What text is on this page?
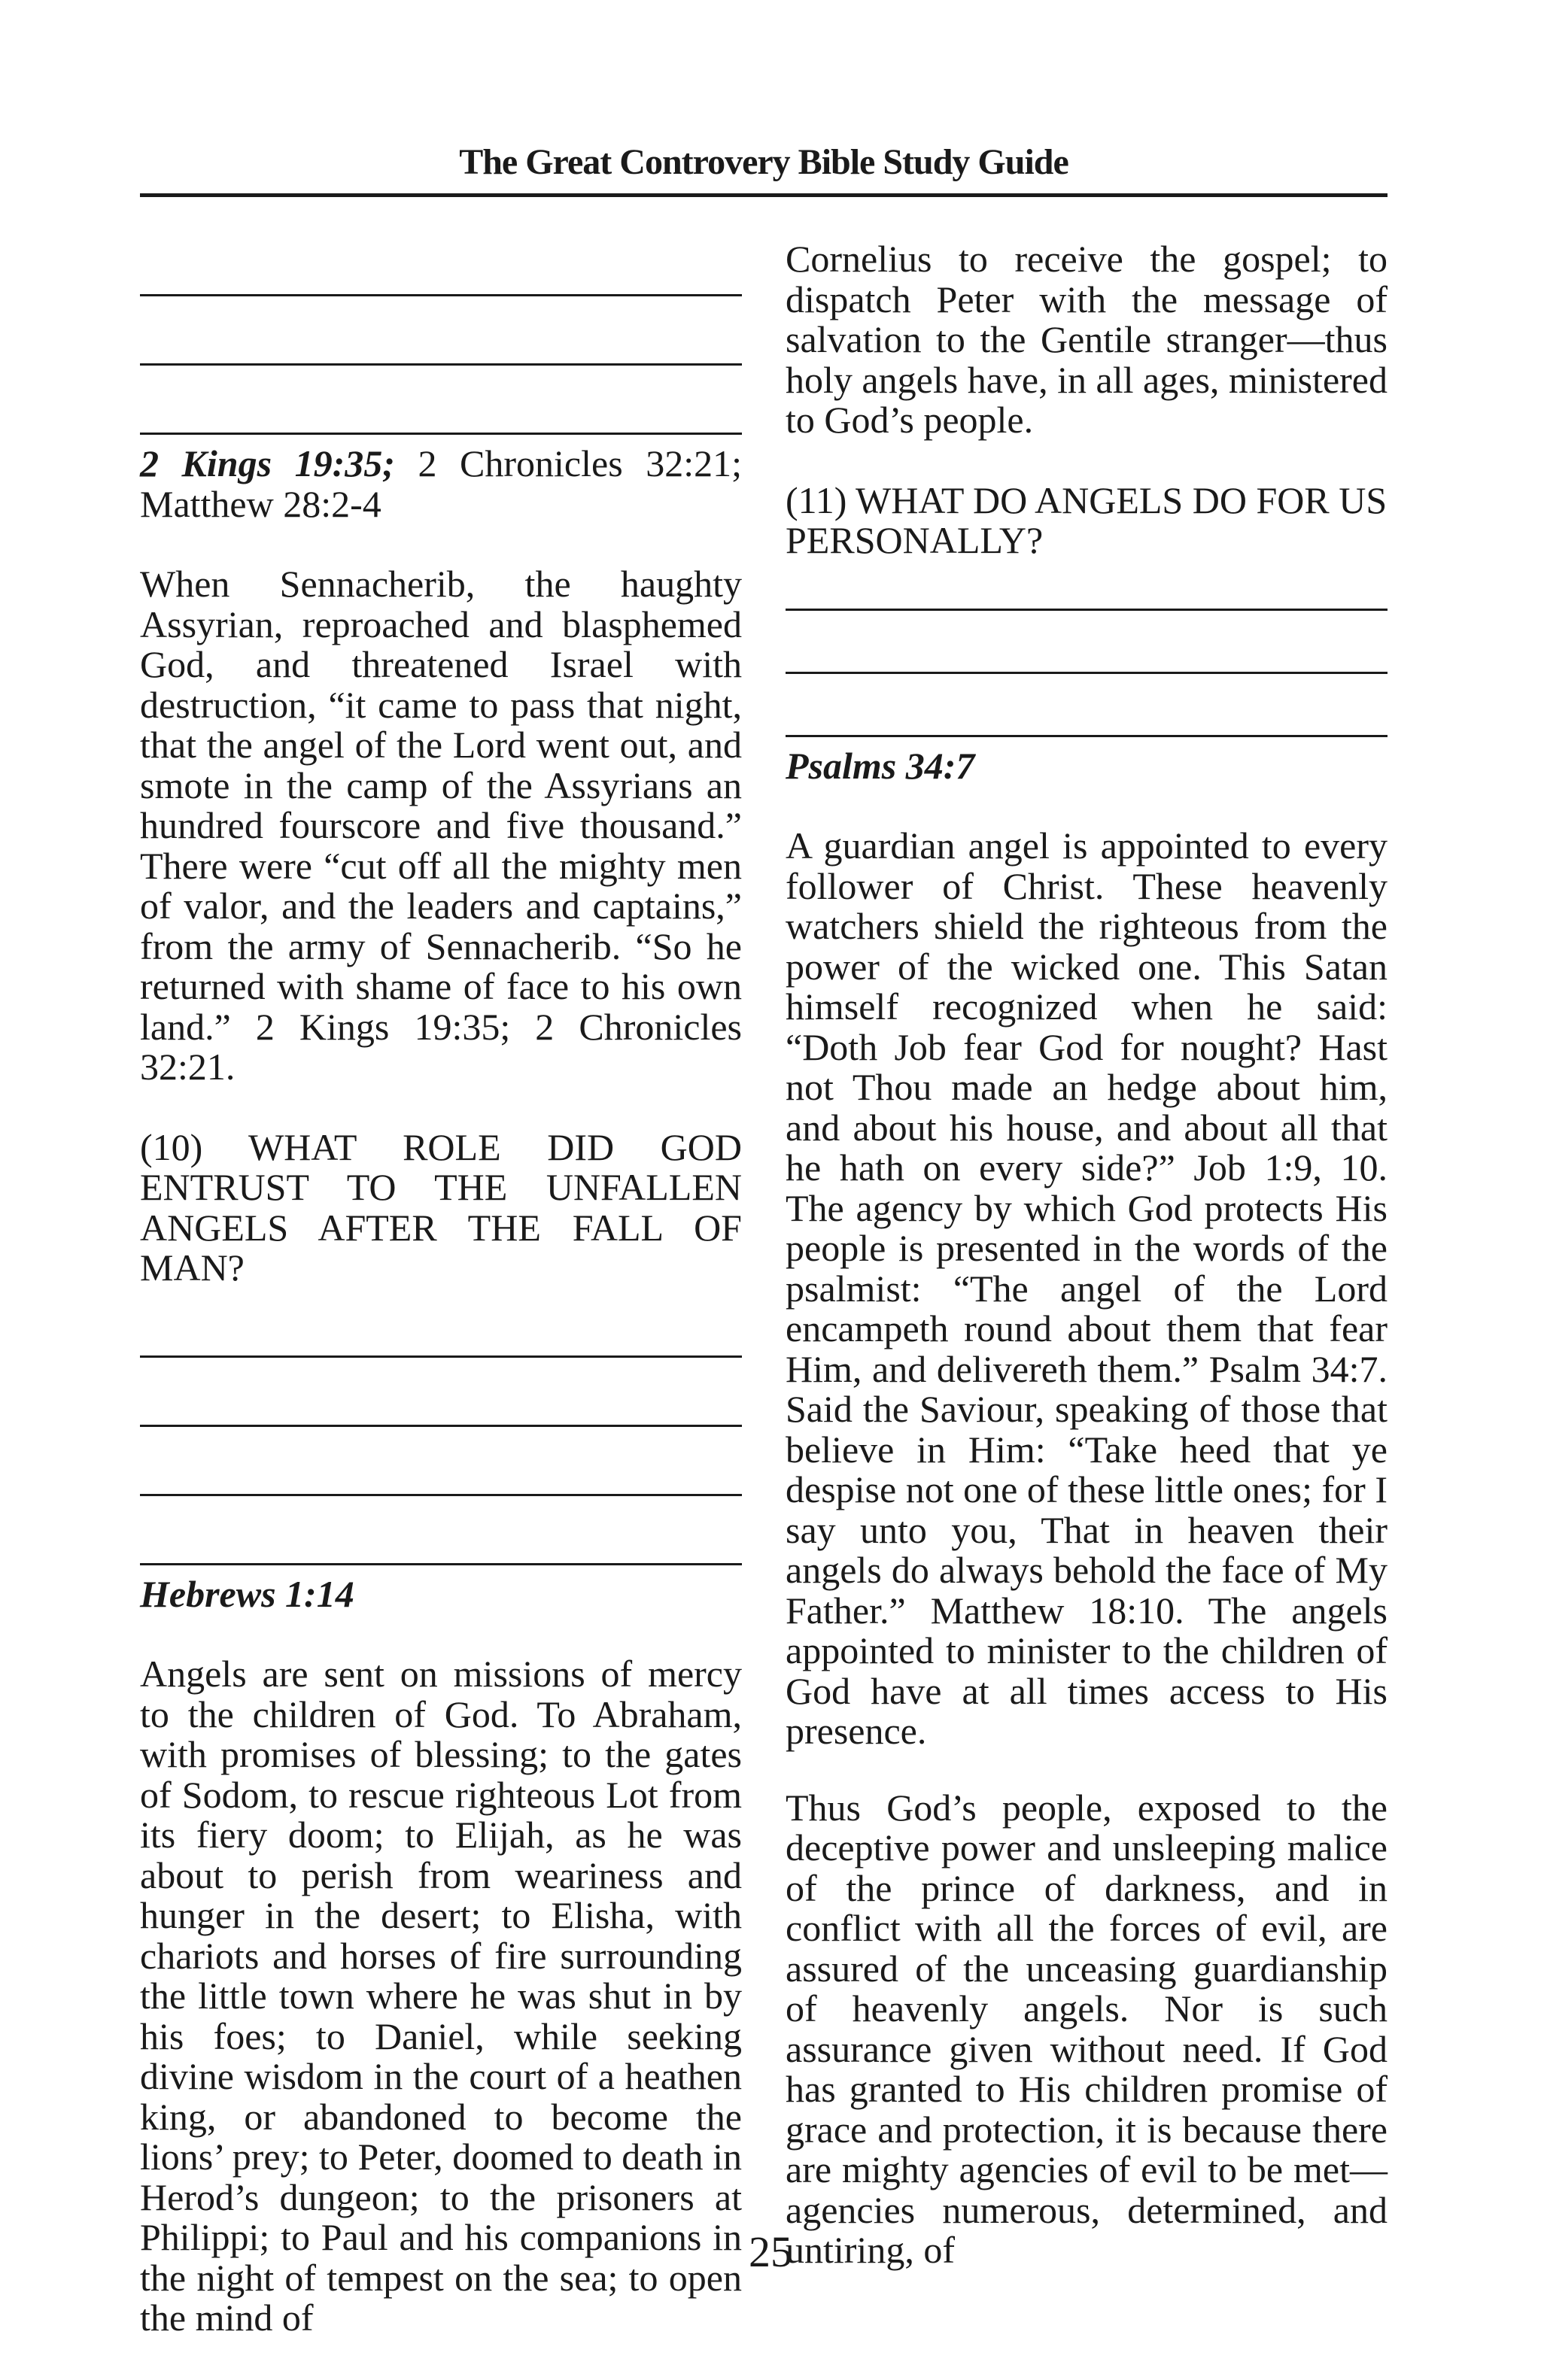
The Great Controvery Bible Study Guide

2 Kings 19:35; 2 Chronicles 32:21; Matthew 28:2-4

When Sennacherib, the haughty Assyrian, reproached and blasphemed God, and threatened Israel with destruction, “it came to pass that night, that the angel of the Lord went out, and smote in the camp of the Assyrians an hundred fourscore and five thousand.” There were “cut off all the mighty men of valor, and the leaders and captains,” from the army of Sennacherib. “So he returned with shame of face to his own land.” 2 Kings 19:35; 2 Chronicles 32:21.

(10) WHAT ROLE DID GOD ENTRUST TO THE UNFALLEN ANGELS AFTER THE FALL OF MAN?

Hebrews 1:14

Angels are sent on missions of mercy to the children of God. To Abraham, with promises of blessing; to the gates of Sodom, to rescue righteous Lot from its fiery doom; to Elijah, as he was about to perish from weariness and hunger in the desert; to Elisha, with chariots and horses of fire surrounding the little town where he was shut in by his foes; to Daniel, while seeking divine wisdom in the court of a heathen king, or abandoned to become the lions’ prey; to Peter, doomed to death in Herod’s dungeon; to the prisoners at Philippi; to Paul and his companions in the night of tempest on the sea; to open the mind of

Cornelius to receive the gospel; to dispatch Peter with the message of salvation to the Gentile stranger—thus holy angels have, in all ages, ministered to God’s people.

(11) WHAT DO ANGELS DO FOR US PERSONALLY?

Psalms 34:7

A guardian angel is appointed to every follower of Christ. These heavenly watchers shield the righteous from the power of the wicked one. This Satan himself recognized when he said: “Doth Job fear God for nought? Hast not Thou made an hedge about him, and about his house, and about all that he hath on every side?” Job 1:9, 10. The agency by which God protects His people is presented in the words of the psalmist: “The angel of the Lord encampeth round about them that fear Him, and delivereth them.” Psalm 34:7. Said the Saviour, speaking of those that believe in Him: “Take heed that ye despise not one of these little ones; for I say unto you, That in heaven their angels do always behold the face of My Father.” Matthew 18:10. The angels appointed to minister to the children of God have at all times access to His presence.

Thus God’s people, exposed to the deceptive power and unsleeping malice of the prince of darkness, and in conflict with all the forces of evil, are assured of the unceasing guardianship of heavenly angels. Nor is such assurance given without need. If God has granted to His children promise of grace and protection, it is because there are mighty agencies of evil to be met—agencies numerous, determined, and untiring, of

25
